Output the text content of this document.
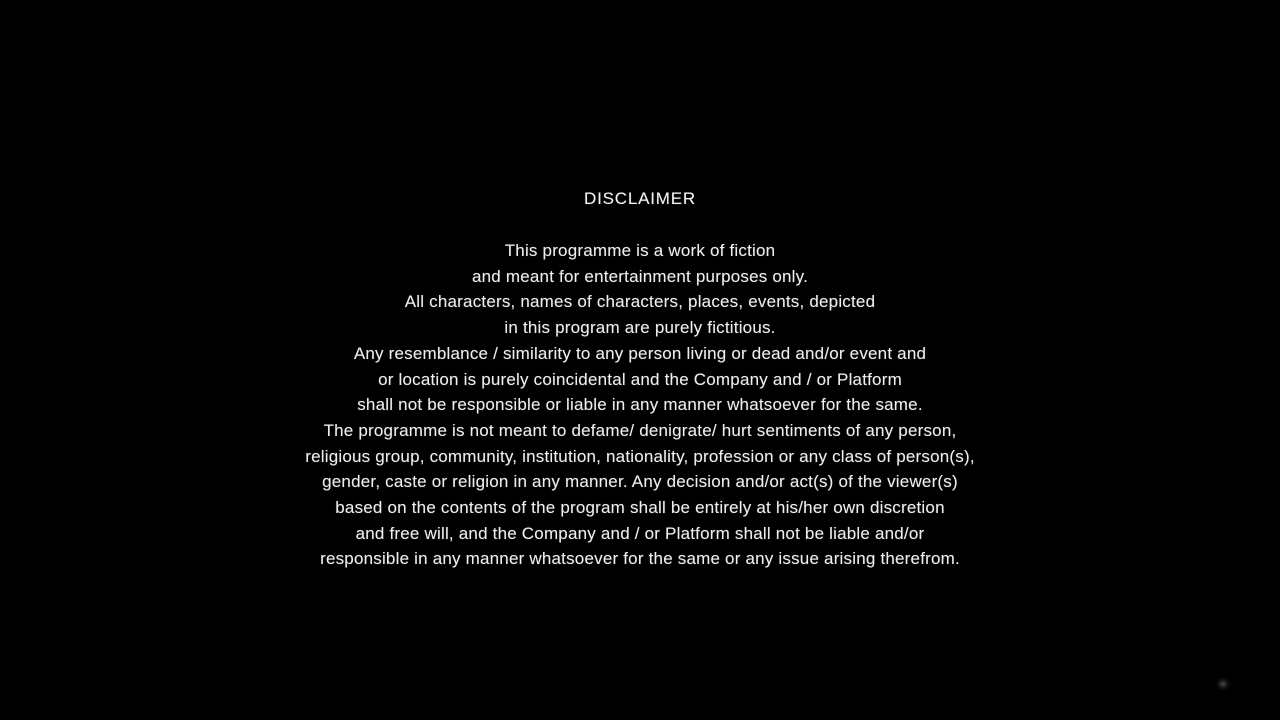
DISCLAIMER
This programme is a work of fiction
and meant for entertainment purposes only.
All characters, names of characters, places, events, depicted
in this program are purely fictitious.
Any resemblance / similarity to any person living or dead and/or event and
or location is purely coincidental and the Company and / or Platform
shall not be responsible or liable in any manner whatsoever for the same.
The programme is not meant to defame/ denigrate/ hurt sentiments of any person,
religious group, community, institution, nationality, profession or any class of person(s),
gender, caste or religion in any manner. Any decision and/or act(s) of the viewer(s)
based on the contents of the program shall be entirely at his/her own discretion
and free will, and the Company and / or Platform shall not be liable and/or
responsible in any manner whatsoever for the same or any issue arising therefrom.
